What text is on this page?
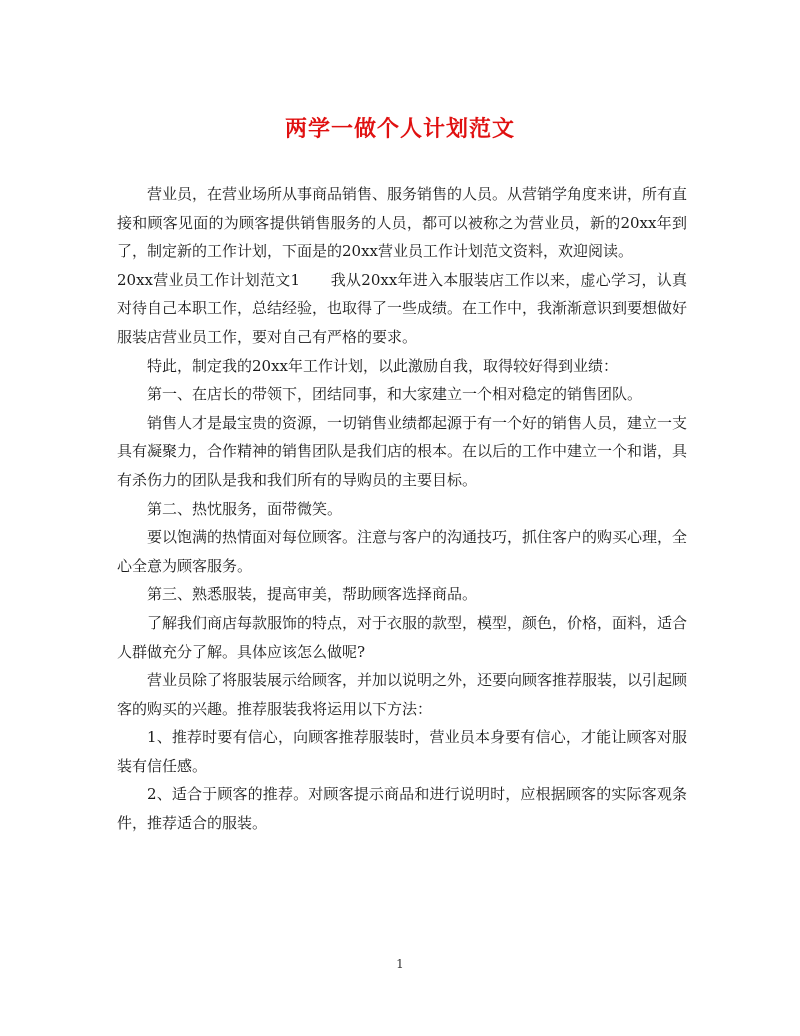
两学一做个人计划范文

营业员，在营业场所从事商品销售、服务销售的人员。从营销学角度来讲，所有直接和顾客见面的为顾客提供销售服务的人员，都可以被称之为营业员，新的20xx年到了，制定新的工作计划，下面是的20xx营业员工作计划范文资料，欢迎阅读。

20xx营业员工作计划范文1　　我从20xx年进入本服装店工作以来，虚心学习，认真对待自己本职工作，总结经验，也取得了一些成绩。在工作中，我渐渐意识到要想做好服装店营业员工作，要对自己有严格的要求。

特此，制定我的20xx年工作计划，以此激励自我，取得较好得到业绩：

第一、在店长的带领下，团结同事，和大家建立一个相对稳定的销售团队。

销售人才是最宝贵的资源，一切销售业绩都起源于有一个好的销售人员，建立一支具有凝聚力，合作精神的销售团队是我们店的根本。在以后的工作中建立一个和谐，具有杀伤力的团队是我和我们所有的导购员的主要目标。

第二、热忱服务，面带微笑。

要以饱满的热情面对每位顾客。注意与客户的沟通技巧，抓住客户的购买心理，全心全意为顾客服务。

第三、熟悉服装，提高审美，帮助顾客选择商品。

了解我们商店每款服饰的特点，对于衣服的款型，模型，颜色，价格，面料，适合人群做充分了解。具体应该怎么做呢?

营业员除了将服装展示给顾客，并加以说明之外，还要向顾客推荐服装，以引起顾客的购买的兴趣。推荐服装我将运用以下方法：

1、推荐时要有信心，向顾客推荐服装时，营业员本身要有信心，才能让顾客对服装有信任感。

2、适合于顾客的推荐。对顾客提示商品和进行说明时，应根据顾客的实际客观条件，推荐适合的服装。

1
